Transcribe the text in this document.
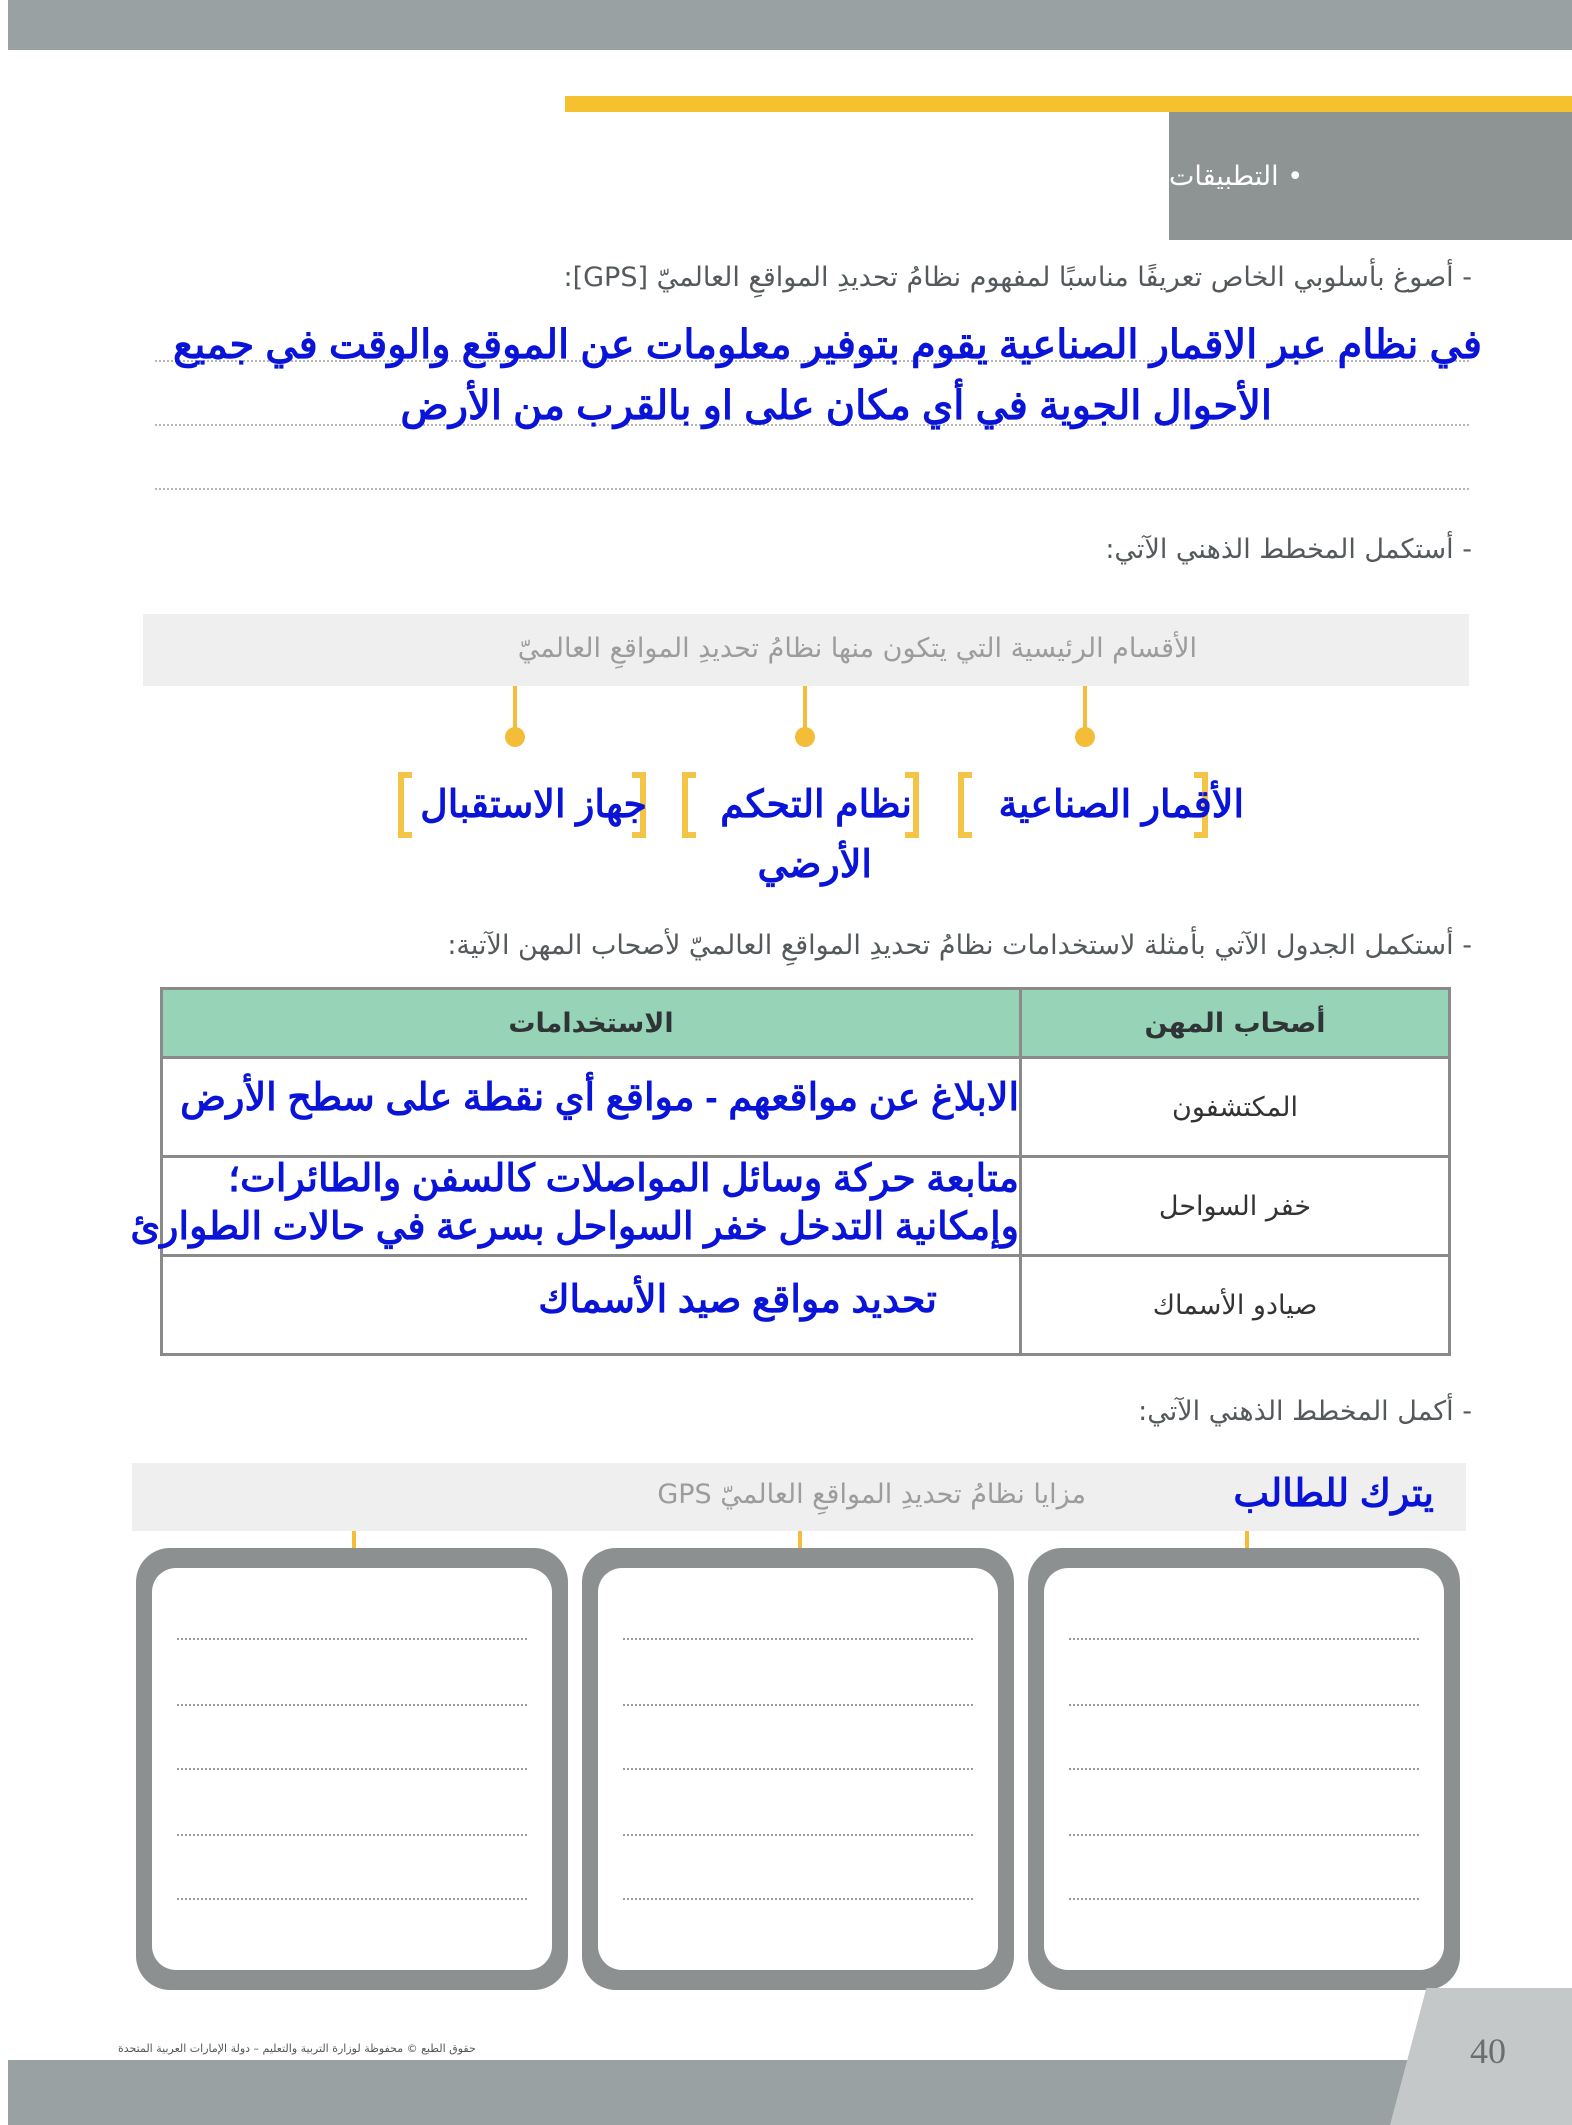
• التطبيقات
- أصوغ بأسلوبي الخاص تعريفًا مناسبًا لمفهوم نظامُ تحديدِ المواقعِ العالميّ [GPS]:
في نظام عبر الاقمار الصناعية يقوم بتوفير معلومات عن الموقع والوقت في جميع
الأحوال الجوية في أي مكان على او بالقرب من الأرض
- أستكمل المخطط الذهني الآتي:
الأقسام الرئيسية التي يتكون منها نظامُ تحديدِ المواقعِ العالميّ
الأقمار الصناعية
نظام التحكم
الأرضي
جهاز الاستقبال
- أستكمل الجدول الآتي بأمثلة لاستخدامات نظامُ تحديدِ المواقعِ العالميّ لأصحاب المهن الآتية:
أصحاب المهن	الاستخدامات
المكتشفون	الابلاغ عن مواقعهم - مواقع أي نقطة على سطح الأرض

خفر السواحل	متابعة حركة وسائل المواصلات كالسفن والطائرات؛
وإمكانية التدخل خفر السواحل بسرعة في حالات الطوارئ

صيادو الأسماك	تحديد مواقع صيد الأسماك
- أكمل المخطط الذهني الآتي:
مزايا نظامُ تحديدِ المواقعِ العالميّ GPS	يترك للطالب
40
حقوق الطبع © محفوظة لوزارة التربية والتعليم – دولة الإمارات العربية المتحدة
